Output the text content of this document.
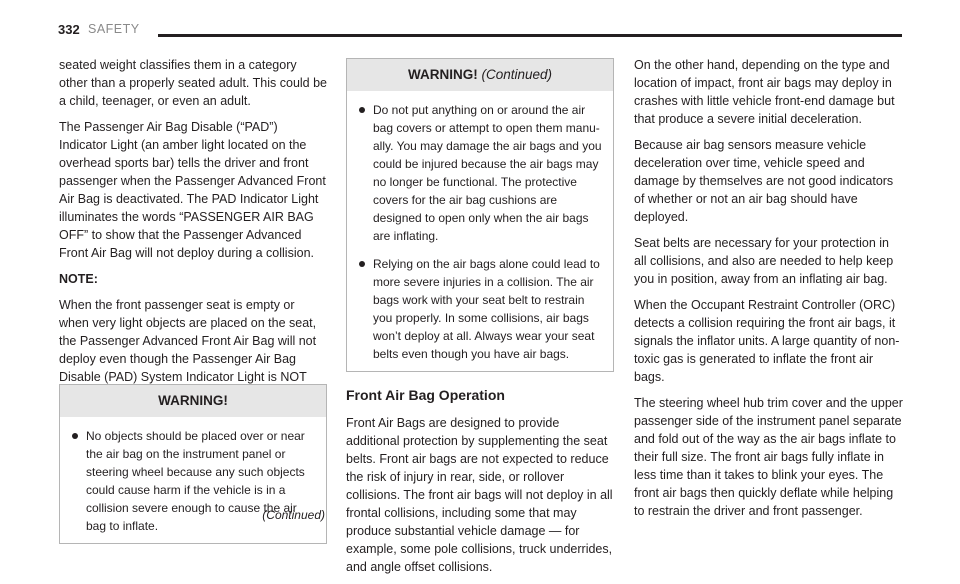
332 SAFETY

seated weight classifies them in a category other than a properly seated adult. This could be a child, teenager, or even an adult.

The Passenger Air Bag Disable (“PAD”) Indicator Light (an amber light located on the overhead sports bar) tells the driver and front passenger when the Passenger Advanced Front Air Bag is deactivated. The PAD Indicator Light illuminates the words “PASSENGER AIR BAG OFF” to show that the Passenger Advanced Front Air Bag will not deploy during a collision.

NOTE:

When the front passenger seat is empty or when very light objects are placed on the seat, the Passenger Advanced Front Air Bag will not deploy even though the Passenger Air Bag Disable (PAD) System Indicator Light is NOT

WARNING!
No objects should be placed over or near the air bag on the instrument panel or steering wheel because any such objects could cause harm if the vehicle is in a collision severe enough to cause the air bag to inflate.
(Continued)
WARNING! (Continued)
Do not put anything on or around the air bag covers or attempt to open them manu-ally. You may damage the air bags and you could be injured because the air bags may no longer be functional. The protective covers for the air bag cushions are designed to open only when the air bags are inflating.
Relying on the air bags alone could lead to more severe injuries in a collision. The air bags work with your seat belt to restrain you properly. In some collisions, air bags won’t deploy at all. Always wear your seat belts even though you have air bags.
Front Air Bag Operation

Front Air Bags are designed to provide additional protection by supplementing the seat belts. Front air bags are not expected to reduce the risk of injury in rear, side, or rollover collisions. The front air bags will not deploy in all frontal collisions, including some that may produce substantial vehicle damage — for example, some pole collisions, truck underrides, and angle offset collisions.

On the other hand, depending on the type and location of impact, front air bags may deploy in crashes with little vehicle front-end damage but that produce a severe initial deceleration.

Because air bag sensors measure vehicle deceleration over time, vehicle speed and damage by themselves are not good indicators of whether or not an air bag should have deployed.

Seat belts are necessary for your protection in all collisions, and also are needed to help keep you in position, away from an inflating air bag.

When the Occupant Restraint Controller (ORC) detects a collision requiring the front air bags, it signals the inflator units. A large quantity of non-toxic gas is generated to inflate the front air bags.

The steering wheel hub trim cover and the upper passenger side of the instrument panel separate and fold out of the way as the air bags inflate to their full size. The front air bags fully inflate in less time than it takes to blink your eyes. The front air bags then quickly deflate while helping to restrain the driver and front passenger.
